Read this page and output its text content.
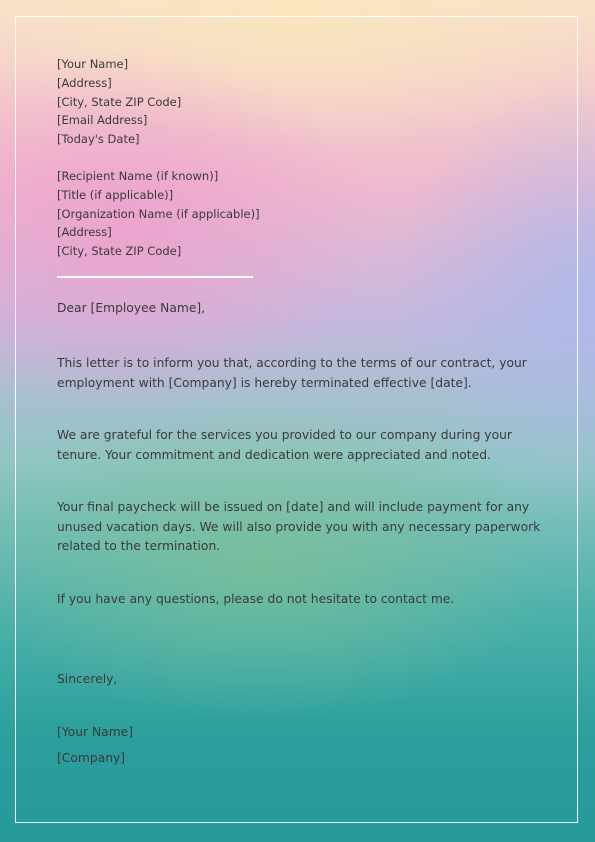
[Your Name]
[Address]
[City, State ZIP Code]
[Email Address]
[Today's Date]
[Recipient Name (if known)]
[Title (if applicable)]
[Organization Name (if applicable)]
[Address]
[City, State ZIP Code]
Dear [Employee Name],
This letter is to inform you that, according to the terms of our contract, your employment with [Company] is hereby terminated effective [date].
We are grateful for the services you provided to our company during your tenure. Your commitment and dedication were appreciated and noted.
Your final paycheck will be issued on [date] and will include payment for any unused vacation days. We will also provide you with any necessary paperwork related to the termination.
If you have any questions, please do not hesitate to contact me.
Sincerely,
[Your Name]
[Company]
